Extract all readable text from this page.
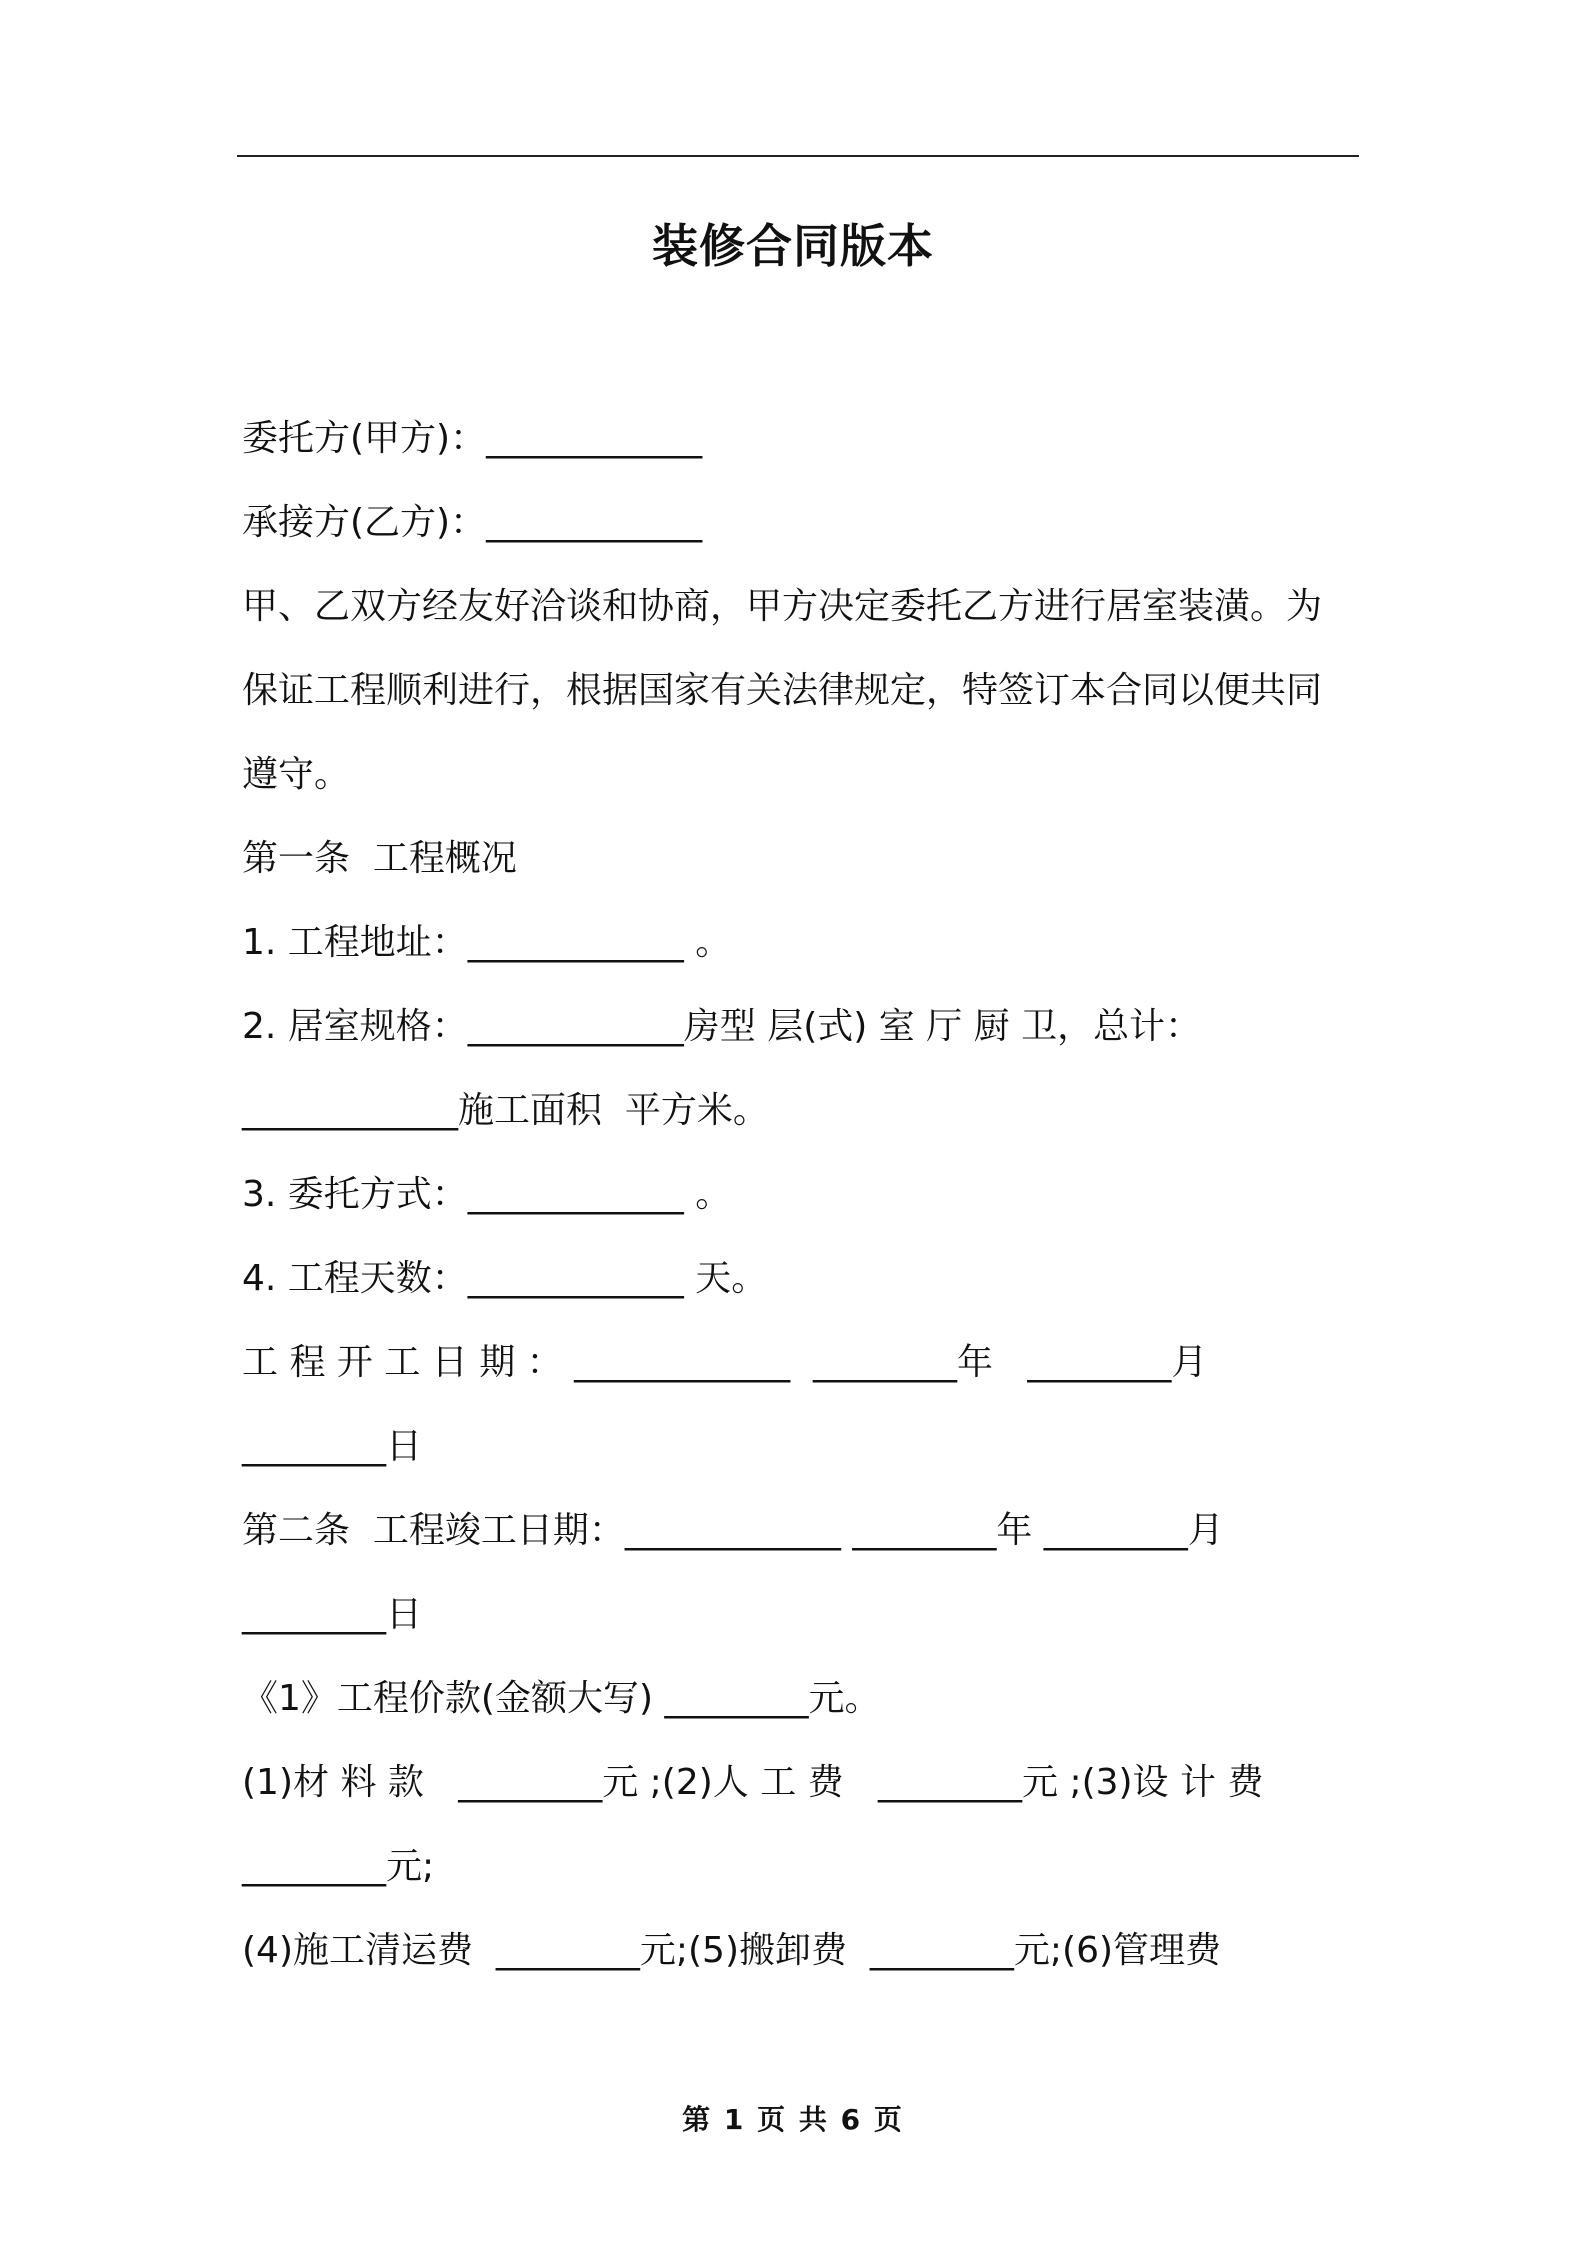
装修合同版本
委托方(甲方)：____________
承接方(乙方)：____________
甲、乙双方经友好洽谈和协商，甲方决定委托乙方进行居室装潢。为
保证工程顺利进行，根据国家有关法律规定，特签订本合同以便共同
遵守。
第一条  工程概况
1. 工程地址：____________ 。
2. 居室规格：____________房型 层(式) 室 厅 厨 卫，总计：
____________施工面积  平方米。
3. 委托方式：____________ 。
4. 工程天数：____________ 天。
工 程 开 工 日 期 ： ____________  ________年   ________月
________日
第二条  工程竣工日期：____________ ________年 ________月
________日
《1》工程价款(金额大写) ________元。
(1)材 料 款   ________元 ;(2)人 工 费   ________元 ;(3)设 计 费
________元;
(4)施工清运费  ________元;(5)搬卸费  ________元;(6)管理费
第 1 页 共 6 页
